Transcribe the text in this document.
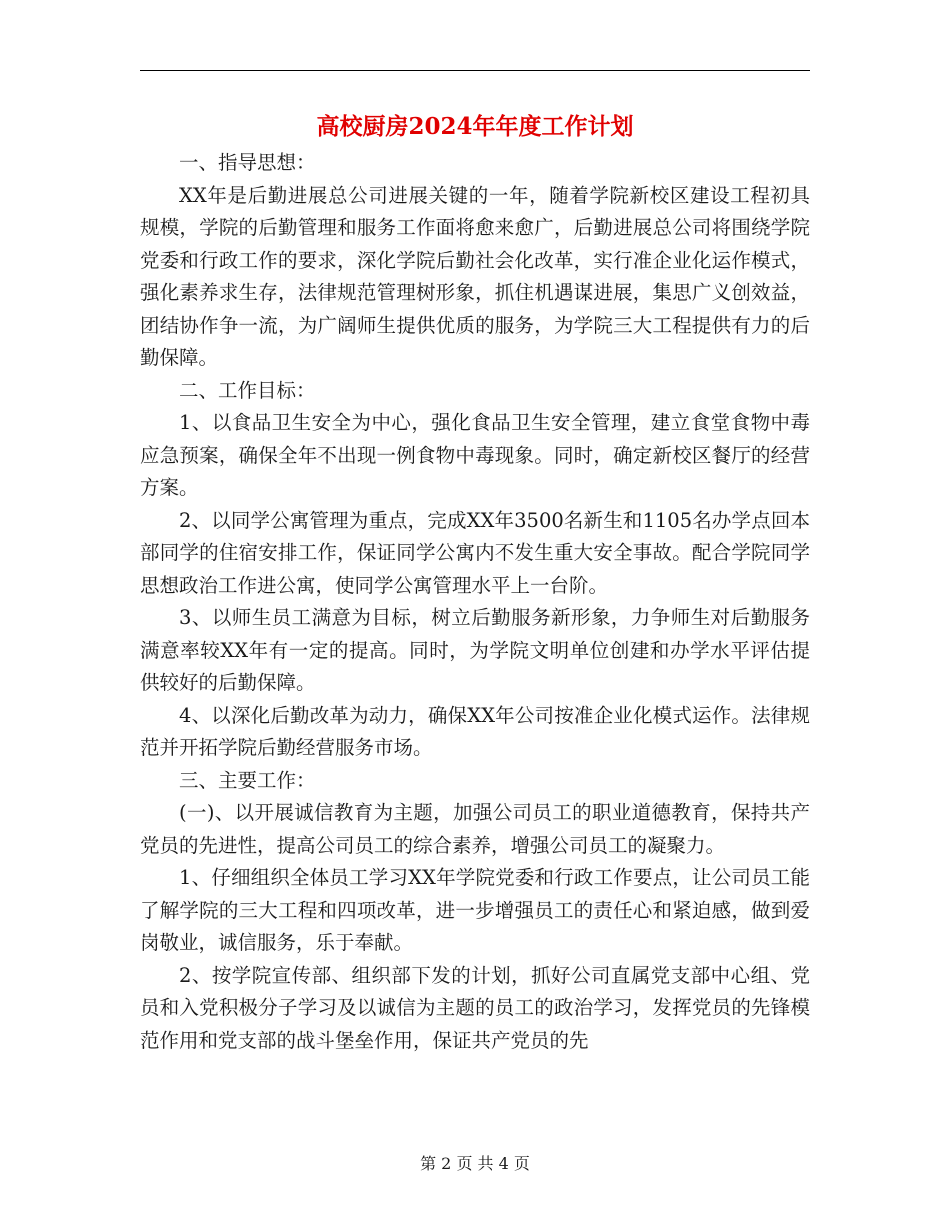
高校厨房2024年年度工作计划

一、指导思想：

XX年是后勤进展总公司进展关键的一年，随着学院新校区建设工程初具规模，学院的后勤管理和服务工作面将愈来愈广，后勤进展总公司将围绕学院党委和行政工作的要求，深化学院后勤社会化改革，实行准企业化运作模式，强化素养求生存，法律规范管理树形象，抓住机遇谋进展，集思广义创效益，团结协作争一流，为广阔师生提供优质的服务，为学院三大工程提供有力的后勤保障。

二、工作目标：

1、以食品卫生安全为中心，强化食品卫生安全管理，建立食堂食物中毒应急预案，确保全年不出现一例食物中毒现象。同时，确定新校区餐厅的经营方案。

2、以同学公寓管理为重点，完成XX年3500名新生和1105名办学点回本部同学的住宿安排工作，保证同学公寓内不发生重大安全事故。配合学院同学思想政治工作进公寓，使同学公寓管理水平上一台阶。

3、以师生员工满意为目标，树立后勤服务新形象，力争师生对后勤服务满意率较XX年有一定的提高。同时，为学院文明单位创建和办学水平评估提供较好的后勤保障。

4、以深化后勤改革为动力，确保XX年公司按准企业化模式运作。法律规范并开拓学院后勤经营服务市场。

三、主要工作：

(一)、以开展诚信教育为主题，加强公司员工的职业道德教育，保持共产党员的先进性，提高公司员工的综合素养，增强公司员工的凝聚力。

1、仔细组织全体员工学习XX年学院党委和行政工作要点，让公司员工能了解学院的三大工程和四项改革，进一步增强员工的责任心和紧迫感，做到爱岗敬业，诚信服务，乐于奉献。

2、按学院宣传部、组织部下发的计划，抓好公司直属党支部中心组、党员和入党积极分子学习及以诚信为主题的员工的政治学习，发挥党员的先锋模范作用和党支部的战斗堡垒作用，保证共产党员的先

第 2 页 共 4 页
